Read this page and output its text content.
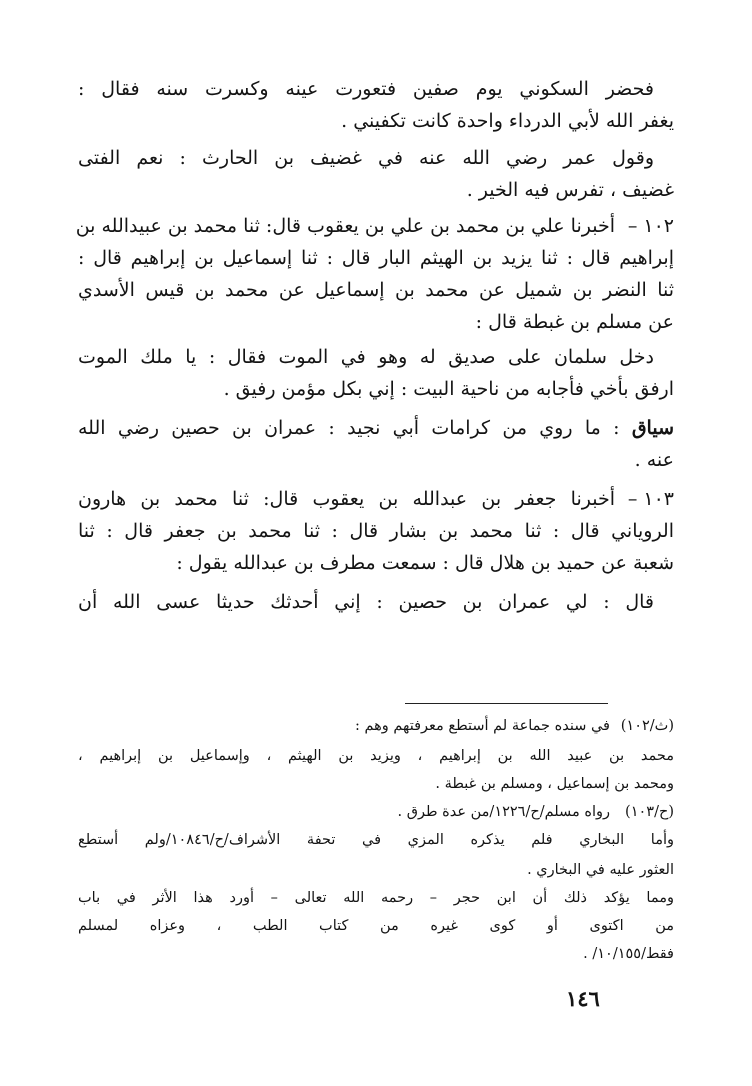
فحضر السكوني يوم صفين فتعورت عينه وكسرت سنه فقال :
يغفر الله لأبي الدرداء واحدة كانت تكفيني .
وقول عمر رضي الله عنه في غضيف بن الحارث : نعم الفتى
غضيف ، تفرس فيه الخير .
١٠٢ –
أخبرنا علي بن محمد بن علي بن يعقوب قال: ثنا محمد بن عبيدالله بن
إبراهيم قال : ثنا يزيد بن الهيثم البار قال : ثنا إسماعيل بن إبراهيم قال :
ثنا النضر بن شميل عن محمد بن إسماعيل عن محمد بن قيس الأسدي
عن مسلم بن غبطة قال :
دخل سلمان على صديق له وهو في الموت فقال : يا ملك الموت
ارفق بأخي فأجابه من ناحية البيت : إني بكل مؤمن رفيق .
سياق : ما روي من كرامات أبي نجيد : عمران بن حصين رضي الله
عنه .
١٠٣ –
أخبرنا جعفر بن عبدالله بن يعقوب قال: ثنا محمد بن هارون
الروياني قال : ثنا محمد بن بشار قال : ثنا محمد بن جعفر قال : ثنا
شعبة عن حميد بن هلال قال : سمعت مطرف بن عبدالله يقول :
قال : لي عمران بن حصين : إني أحدثك حديثا عسى الله أن
(ث/١٠٢)
في سنده جماعة لم أستطع معرفتهم وهم :
محمد بن عبيد الله بن إبراهيم ، ويزيد بن الهيثم ، وإسماعيل بن إبراهيم ،
ومحمد بن إسماعيل ، ومسلم بن غبطة .
(ح/١٠٣)
رواه مسلم/ح/١٢٢٦/من عدة طرق .
وأما البخاري فلم يذكره المزي في تحفة الأشراف/ح/١٠٨٤٦/ولم أستطع
العثور عليه في البخاري .
ومما يؤكد ذلك أن ابن حجر – رحمه الله تعالى – أورد هذا الأثر في باب
من اكتوى أو كوى غيره من كتاب الطب ، وعزاه لمسلم
فقط/١٠/١٥٥/ .
١٤٦
